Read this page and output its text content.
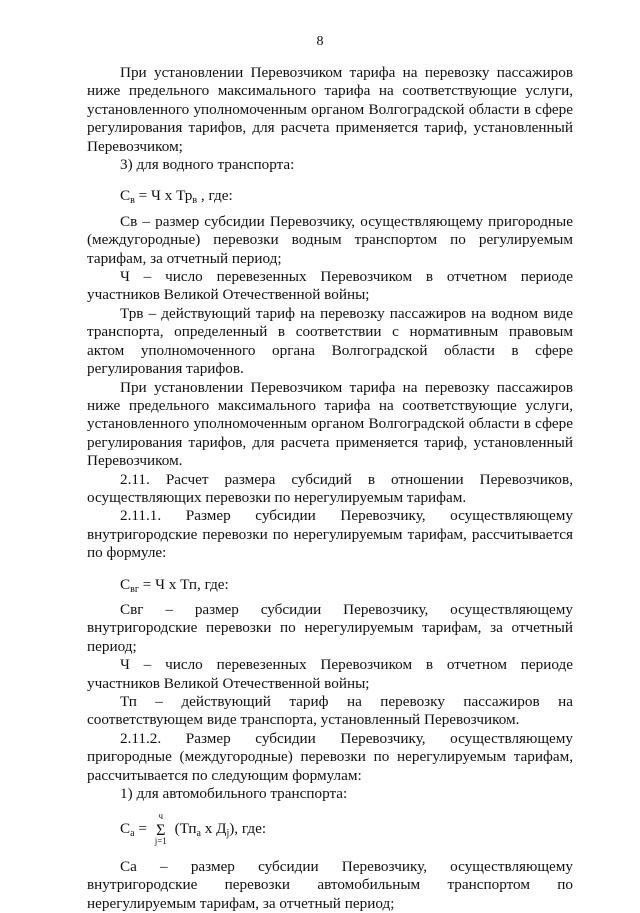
8

При установлении Перевозчиком тарифа на перевозку пассажиров ниже предельного максимального тарифа на соответствующие услуги, установленного уполномоченным органом Волгоградской области в сфере регулирования тарифов, для расчета применяется тариф, установленный Перевозчиком;

3) для водного транспорта:

$С_в = Ч$ х $Тр_в$ , где:

Св – размер субсидии Перевозчику, осуществляющему пригородные (междугородные) перевозки водным транспортом по регулируемым тарифам, за отчетный период;

Ч – число перевезенных Перевозчиком в отчетном периоде участников Великой Отечественной войны;

Трв – действующий тариф на перевозку пассажиров на водном виде транспорта, определенный в соответствии с нормативным правовым актом уполномоченного органа Волгоградской области в сфере регулирования тарифов.

При установлении Перевозчиком тарифа на перевозку пассажиров ниже предельного максимального тарифа на соответствующие услуги, установленного уполномоченным органом Волгоградской области в сфере регулирования тарифов, для расчета применяется тариф, установленный Перевозчиком.

2.11. Расчет размера субсидий в отношении Перевозчиков, осуществляющих перевозки по нерегулируемым тарифам.

2.11.1. Размер субсидии Перевозчику, осуществляющему внутригородские перевозки по нерегулируемым тарифам, рассчитывается по формуле:

$С_{вг} = Ч$ х Тп, где:

Свг – размер субсидии Перевозчику, осуществляющему внутригородские перевозки по нерегулируемым тарифам, за отчетный период;

Ч – число перевезенных Перевозчиком в отчетном периоде участников Великой Отечественной войны;

Тп – действующий тариф на перевозку пассажиров на соответствующем виде транспорта, установленный Перевозчиком.

2.11.2. Размер субсидии Перевозчику, осуществляющему пригородные (междугородные) перевозки по нерегулируемым тарифам, рассчитывается по следующим формулам:

1) для автомобильного транспорта:

$С_а$ =
ч
Σ
j=1
($Тп_а$ х $Д_j$), где:

Са – размер субсидии Перевозчику, осуществляющему внутригородские перевозки автомобильным транспортом по нерегулируемым тарифам, за отчетный период;
